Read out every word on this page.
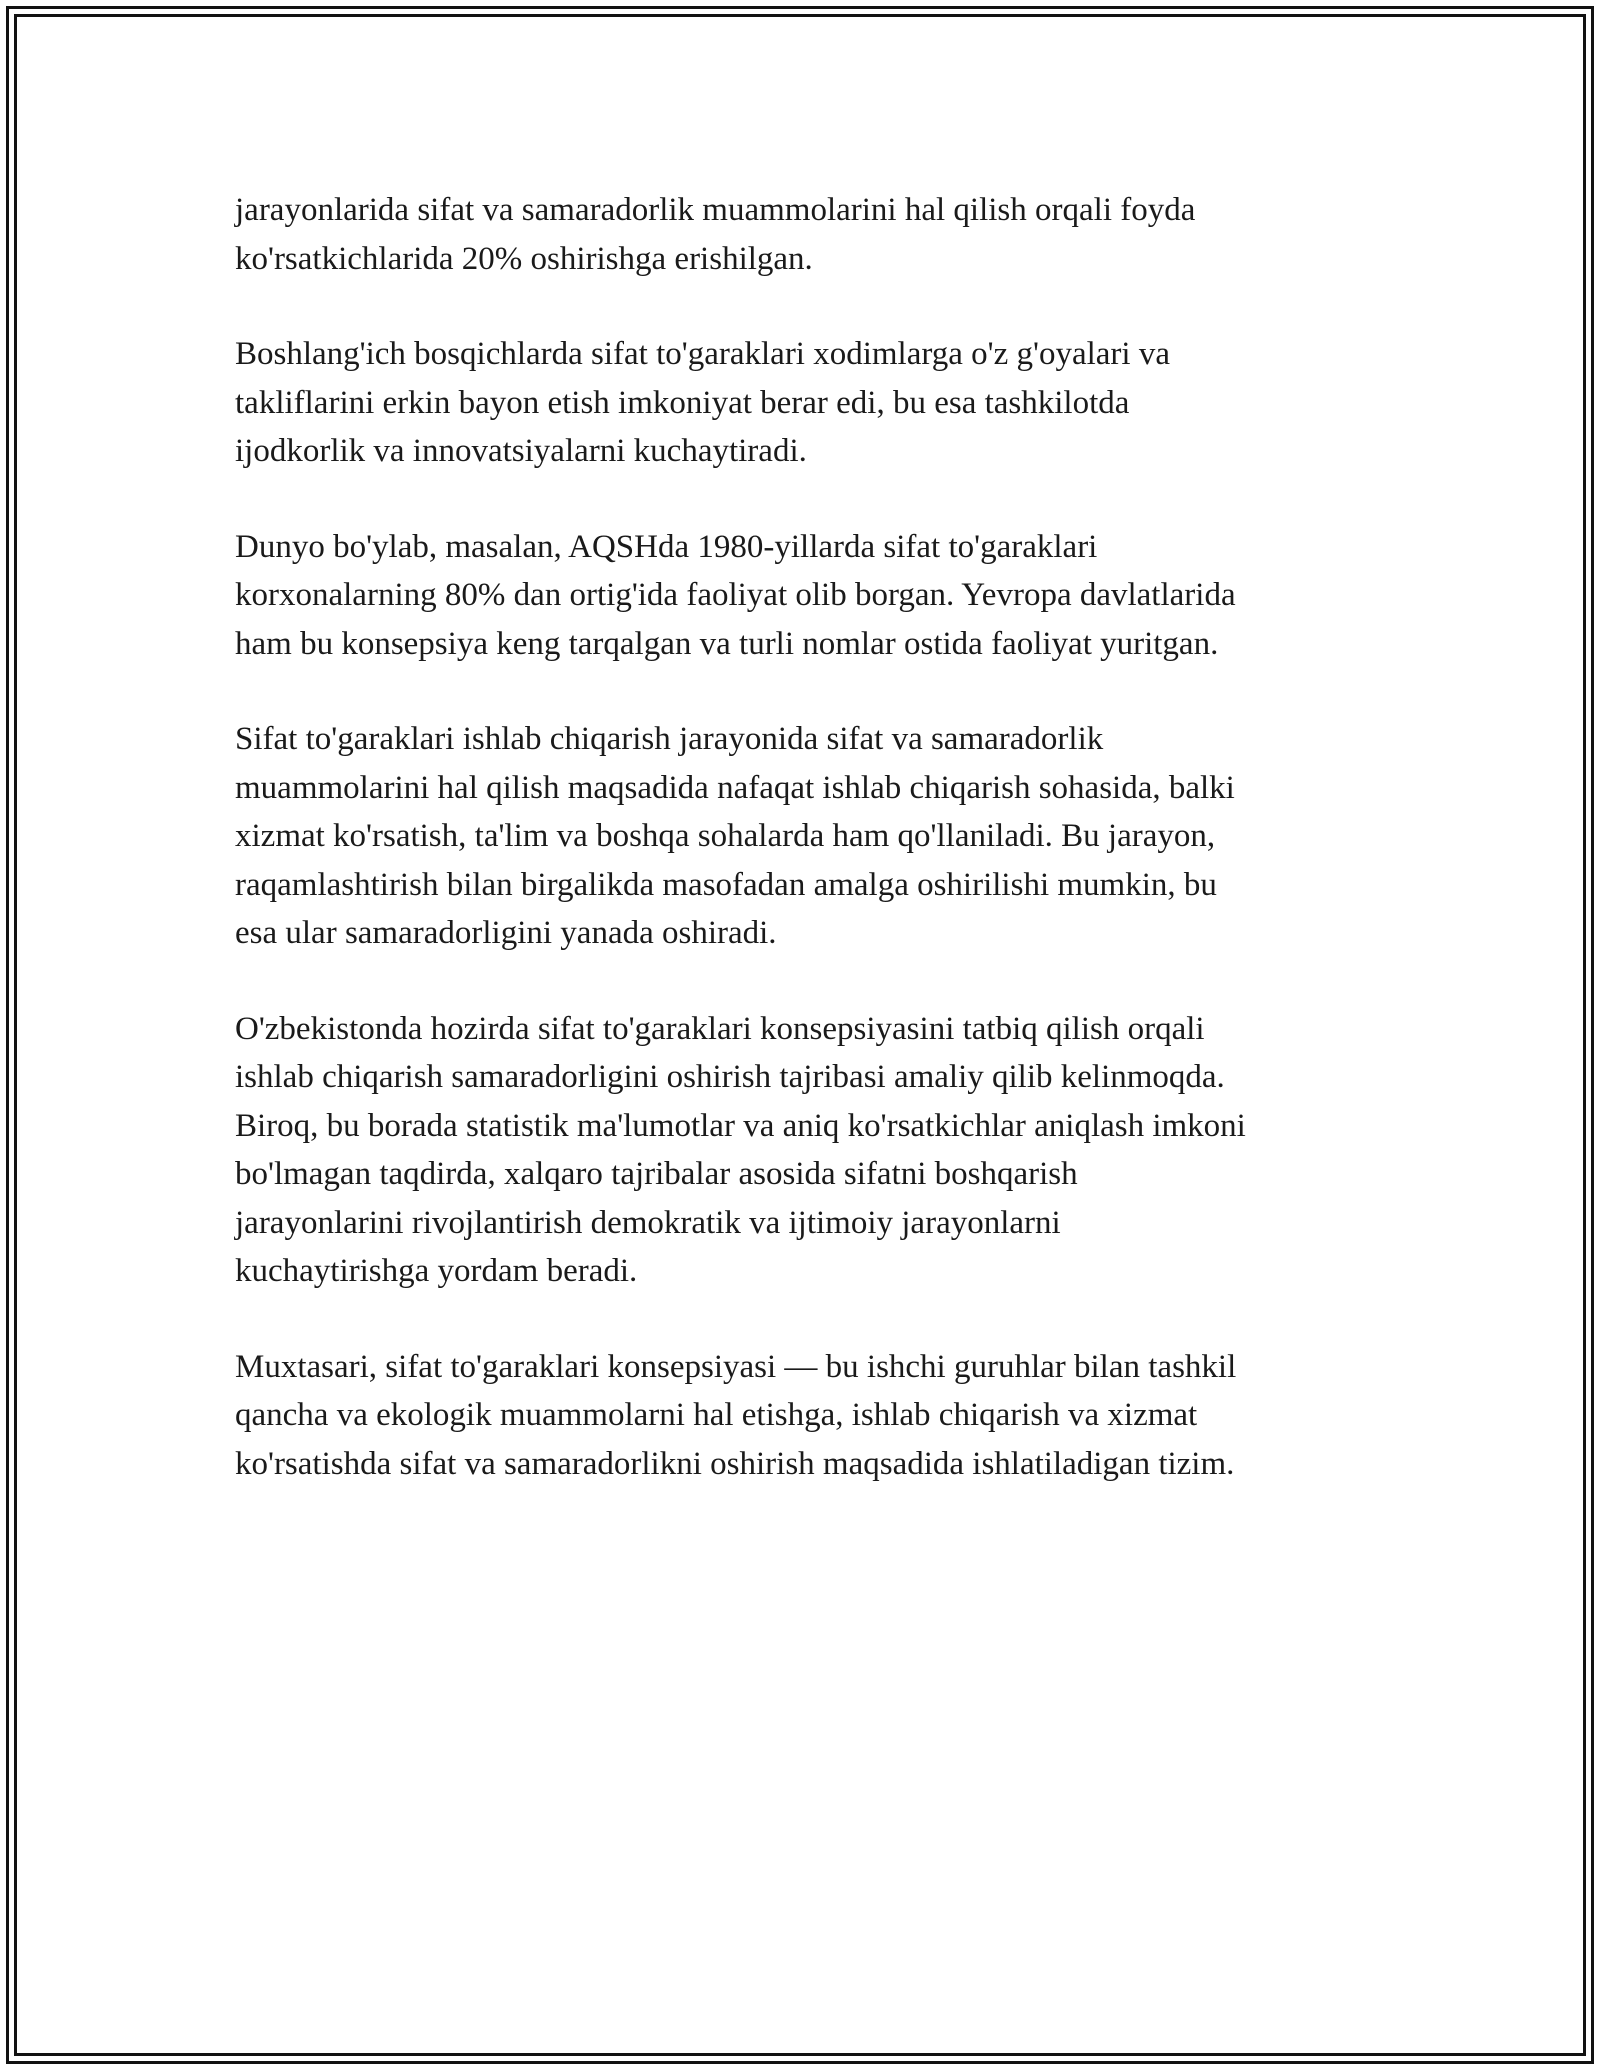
jarayonlarida sifat va samaradorlik muammolarini hal qilish orqali foyda
ko'rsatkichlarida 20% oshirishga erishilgan.

Boshlang'ich bosqichlarda sifat to'garaklari xodimlarga o'z g'oyalari va
takliflarini erkin bayon etish imkoniyat berar edi, bu esa tashkilotda
ijodkorlik va innovatsiyalarni kuchaytiradi.

Dunyo bo'ylab, masalan, AQSHda 1980-yillarda sifat to'garaklari
korxonalarning 80% dan ortig'ida faoliyat olib borgan. Yevropa davlatlarida
ham bu konsepsiya keng tarqalgan va turli nomlar ostida faoliyat yuritgan.

Sifat to'garaklari ishlab chiqarish jarayonida sifat va samaradorlik
muammolarini hal qilish maqsadida nafaqat ishlab chiqarish sohasida, balki
xizmat ko'rsatish, ta'lim va boshqa sohalarda ham qo'llaniladi. Bu jarayon,
raqamlashtirish bilan birgalikda masofadan amalga oshirilishi mumkin, bu
esa ular samaradorligini yanada oshiradi.

O'zbekistonda hozirda sifat to'garaklari konsepsiyasini tatbiq qilish orqali
ishlab chiqarish samaradorligini oshirish tajribasi amaliy qilib kelinmoqda.
Biroq, bu borada statistik ma'lumotlar va aniq ko'rsatkichlar aniqlash imkoni
bo'lmagan taqdirda, xalqaro tajribalar asosida sifatni boshqarish
jarayonlarini rivojlantirish demokratik va ijtimoiy jarayonlarni
kuchaytirishga yordam beradi.

Muxtasari, sifat to'garaklari konsepsiyasi — bu ishchi guruhlar bilan tashkil
qancha va ekologik muammolarni hal etishga, ishlab chiqarish va xizmat
ko'rsatishda sifat va samaradorlikni oshirish maqsadida ishlatiladigan tizim.
